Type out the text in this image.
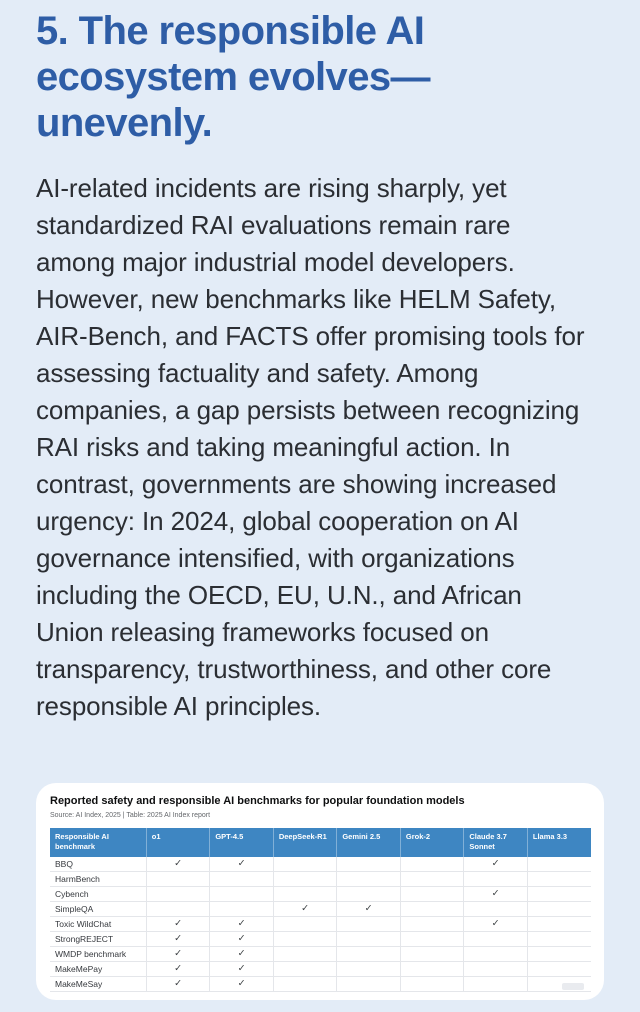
5. The responsible AI
ecosystem evolves—
unevenly.

AI-related incidents are rising sharply, yet standardized RAI evaluations remain rare among major industrial model developers. However, new benchmarks like HELM Safety, AIR-Bench, and FACTS offer promising tools for assessing factuality and safety. Among companies, a gap persists between recognizing RAI risks and taking meaningful action. In contrast, governments are showing increased urgency: In 2024, global cooperation on AI governance intensified, with organizations including the OECD, EU, U.N., and African Union releasing frameworks focused on transparency, trustworthiness, and other core responsible AI principles.

Reported safety and responsible AI benchmarks for popular foundation models
Source: AI Index, 2025 | Table: 2025 AI Index report
Responsible AI benchmark	o1	GPT-4.5	DeepSeek-R1	Gemini 2.5	Grok-2	Claude 3.7 Sonnet	Llama 3.3
BBQ	✓	✓				✓	
HarmBench							
Cybench						✓	
SimpleQA			✓	✓			
Toxic WildChat	✓	✓				✓	
StrongREJECT	✓	✓					
WMDP benchmark	✓	✓					
MakeMePay	✓	✓					
MakeMeSay	✓	✓					
